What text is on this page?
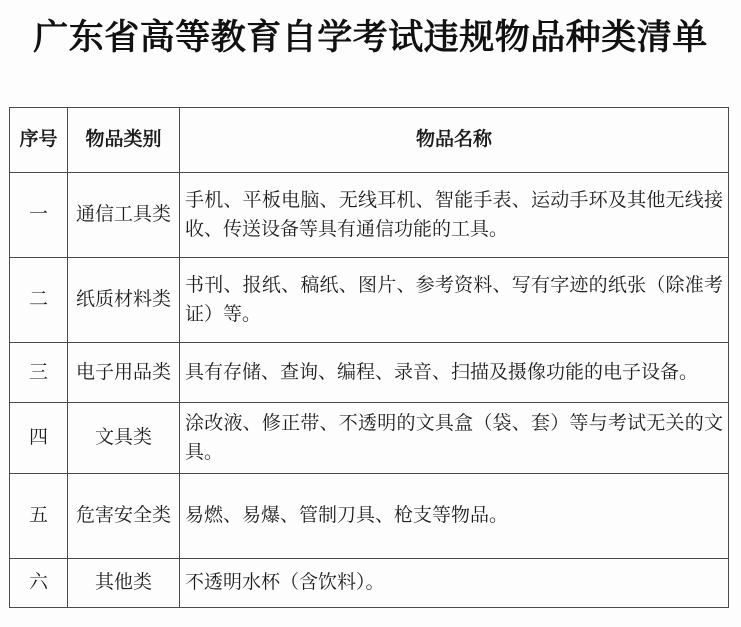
广东省高等教育自学考试违规物品种类清单
序号	物品类别	物品名称
一	通信工具类	手机、平板电脑、无线耳机、智能手表、运动手环及其他无线接收、传送设备等具有通信功能的工具。
二	纸质材料类	书刊、报纸、稿纸、图片、参考资料、写有字迹的纸张（除准考证）等。
三	电子用品类	具有存储、查询、编程、录音、扫描及摄像功能的电子设备。
四	文具类	涂改液、修正带、不透明的文具盒（袋、套）等与考试无关的文具。
五	危害安全类	易燃、易爆、管制刀具、枪支等物品。
六	其他类	不透明水杯（含饮料）。
